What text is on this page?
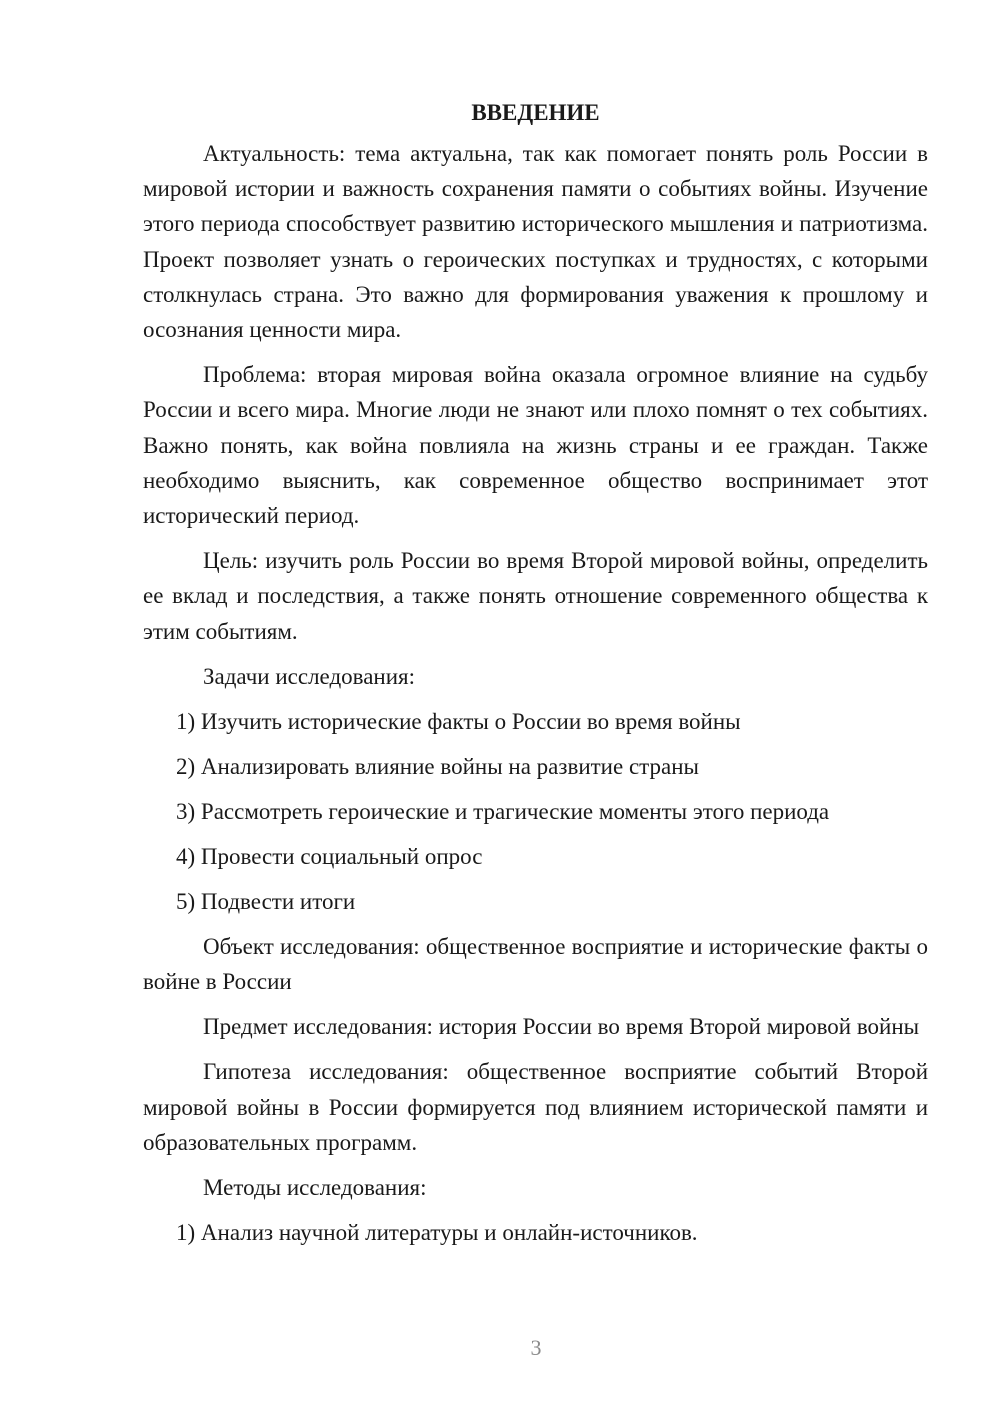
ВВЕДЕНИЕ

Актуальность: тема актуальна, так как помогает понять роль России в мировой истории и важность сохранения памяти о событиях войны. Изучение этого периода способствует развитию исторического мышления и патриотизма. Проект позволяет узнать о героических поступках и трудностях, с которыми столкнулась страна. Это важно для формирования уважения к прошлому и осознания ценности мира.

Проблема: вторая мировая война оказала огромное влияние на судьбу России и всего мира. Многие люди не знают или плохо помнят о тех событиях. Важно понять, как война повлияла на жизнь страны и ее граждан. Также необходимо выяснить, как современное общество воспринимает этот исторический период.

Цель: изучить роль России во время Второй мировой войны, определить ее вклад и последствия, а также понять отношение современного общества к этим событиям.

Задачи исследования:

1) Изучить исторические факты о России во время войны
2) Анализировать влияние войны на развитие страны
3) Рассмотреть героические и трагические моменты этого периода
4) Провести социальный опрос
5) Подвести итоги

Объект исследования: общественное восприятие и исторические факты о войне в России

Предмет исследования: история России во время Второй мировой войны

Гипотеза исследования: общественное восприятие событий Второй мировой войны в России формируется под влиянием исторической памяти и образовательных программ.

Методы исследования:

1) Анализ научной литературы и онлайн-источников.
3
